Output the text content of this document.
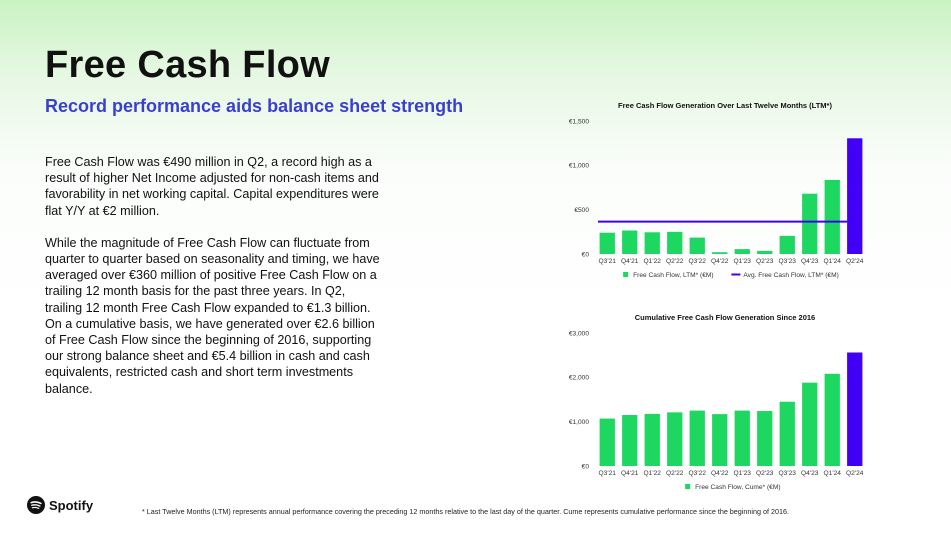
Free Cash Flow
Record performance aids balance sheet strength

Free Cash Flow was €490 million in Q2, a record high as a result of higher Net Income adjusted for non-cash items and favorability in net working capital. Capital expenditures were flat Y/Y at €2 million.

While the magnitude of Free Cash Flow can fluctuate from quarter to quarter based on seasonality and timing, we have averaged over €360 million of positive Free Cash Flow on a trailing 12 month basis for the past three years. In Q2, trailing 12 month Free Cash Flow expanded to €1.3 billion. On a cumulative basis, we have generated over €2.6 billion of Free Cash Flow since the beginning of 2016, supporting our strong balance sheet and €5.4 billion in cash and cash equivalents, restricted cash and short term investments balance.

Free Cash Flow Generation Over Last Twelve Months (LTM*)
€0
€500
€1,000
€1,500
Q3'21 Q4'21 Q1'22 Q2'22 Q3'22 Q4'22 Q1'23 Q2'23 Q3'23 Q4'23 Q1'24 Q2'24
Free Cash Flow, LTM* (€M)	Avg. Free Cash Flow, LTM* (€M)
Cumulative Free Cash Flow Generation Since 2016
€0
€1,000
€2,000
€3,000
Q3'21 Q4'21 Q1'22 Q2'22 Q3'22 Q4'22 Q1'23 Q2'23 Q3'23 Q4'23 Q1'24 Q2'24
Free Cash Flow, Cume* (€M)
Spotify	* Last Twelve Months (LTM) represents annual performance covering the preceding 12 months relative to the last day of the quarter. Cume represents cumulative performance since the beginning of 2016.
